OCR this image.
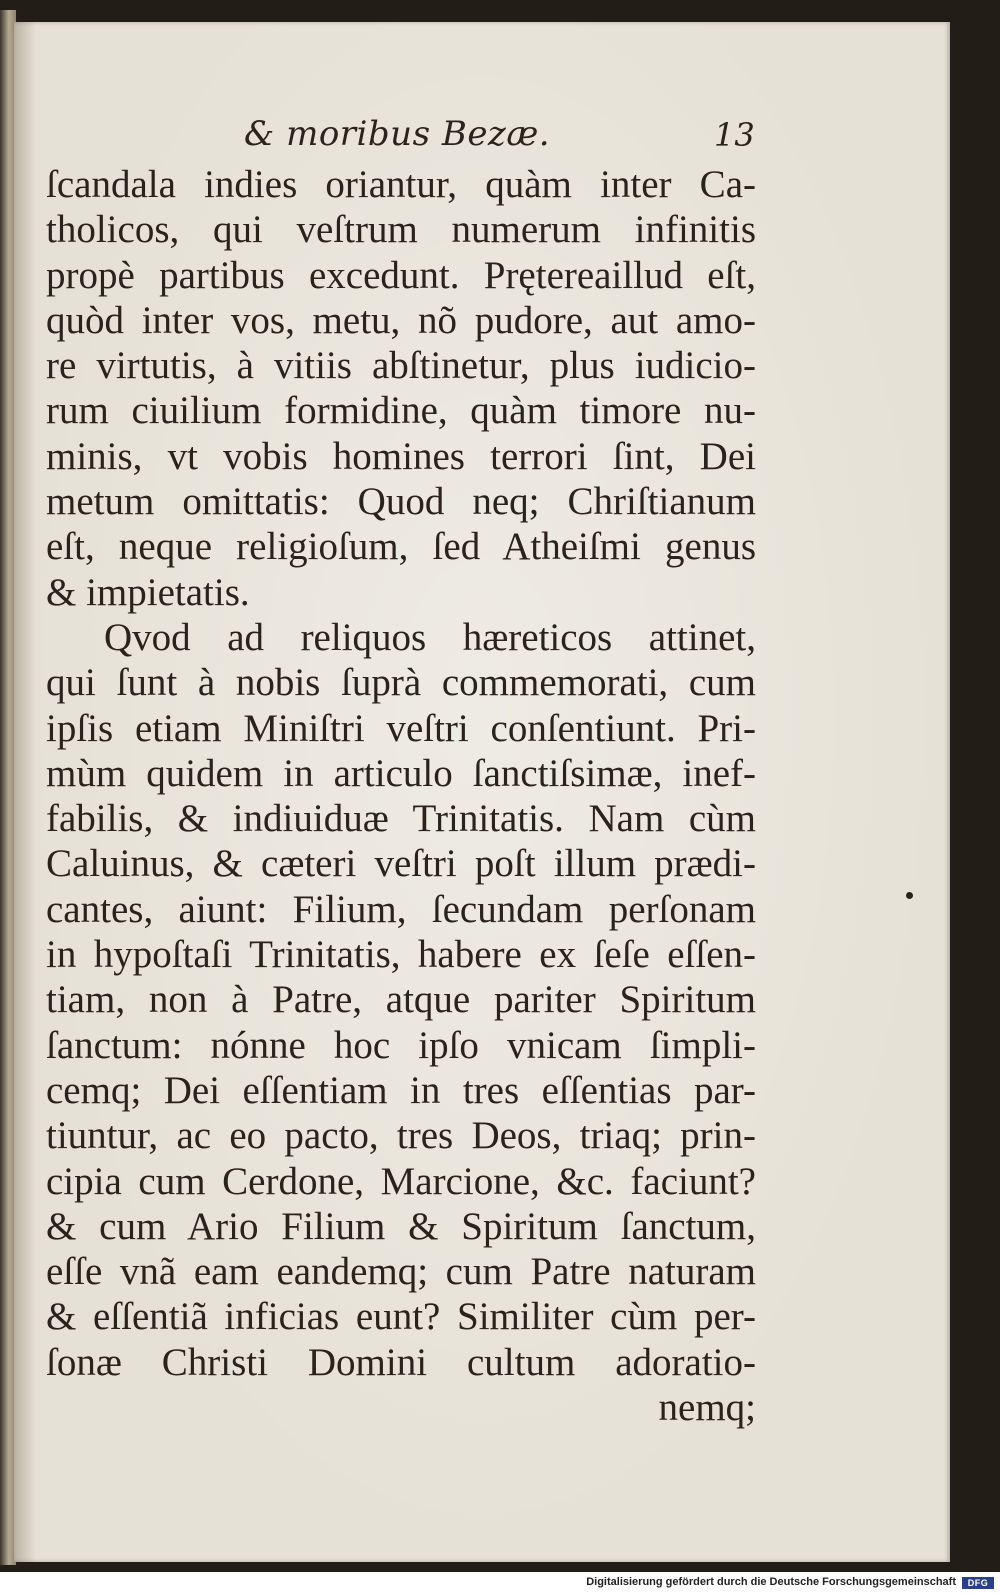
& moribus Bezæ.	13
ſcandala indies oriantur, quàm inter Ca-
tholicos, qui veſtrum numerum infinitis
propè partibus excedunt. Prętereaillud eſt,
quòd inter vos, metu, nõ pudore, aut amo-
re virtutis, à vitiis abſtinetur, plus iudicio-
rum ciuilium formidine, quàm timore nu-
minis, vt vobis homines terrori ſint, Dei
metum omittatis: Quod neq; Chriſtianum
eſt, neque religioſum, ſed Atheiſmi genus
& impietatis.
Qvod ad reliquos hæreticos attinet,
qui ſunt à nobis ſuprà commemorati, cum
ipſis etiam Miniſtri veſtri conſentiunt. Pri-
mùm quidem in articulo ſanctiſsimæ, inef-
fabilis, & indiuiduæ Trinitatis. Nam cùm
Caluinus, & cæteri veſtri poſt illum prædi-
cantes, aiunt: Filium, ſecundam perſonam
in hypoſtaſi Trinitatis, habere ex ſeſe eſſen-
tiam, non à Patre, atque pariter Spiritum
ſanctum: nónne hoc ipſo vnicam ſimpli-
cemq; Dei eſſentiam in tres eſſentias par-
tiuntur, ac eo pacto, tres Deos, triaq; prin-
cipia cum Cerdone, Marcione, &c. faciunt?
& cum Ario Filium & Spiritum ſanctum,
eſſe vnã eam eandemq; cum Patre naturam
& eſſentiã inficias eunt? Similiter cùm per-
ſonæ Christi Domini cultum adoratio-
nemq;
Digitalisierung gefördert durch die Deutsche Forschungsgemeinschaft	DFG
